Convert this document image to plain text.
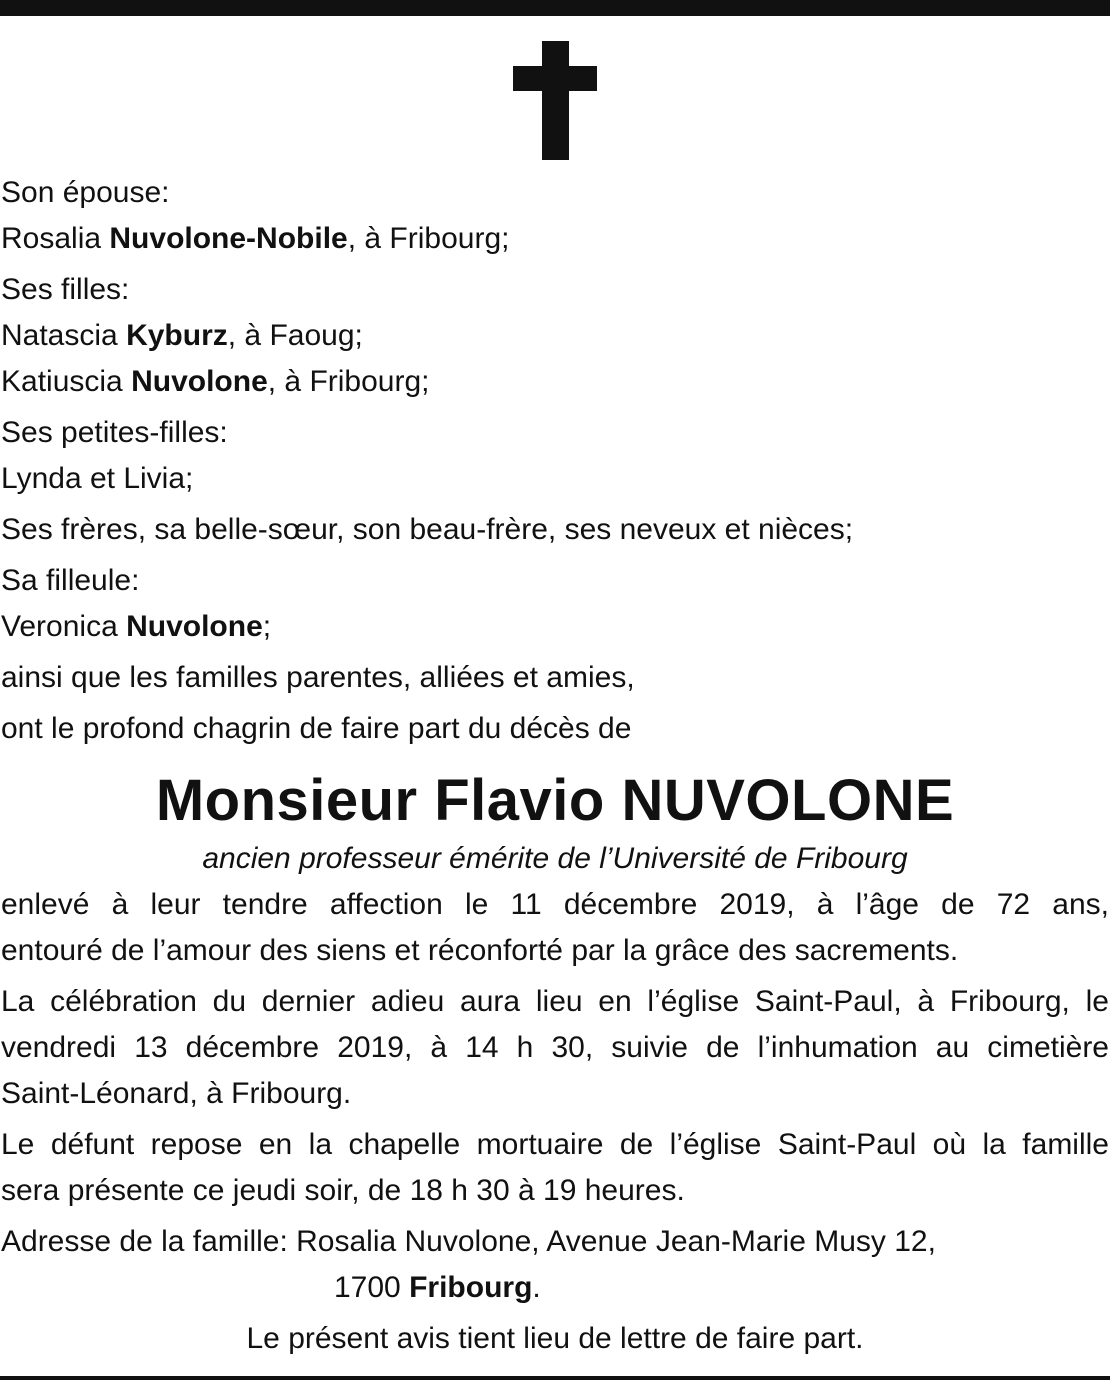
Son épouse:
Rosalia Nuvolone-Nobile, à Fribourg;
Ses filles:
Natascia Kyburz, à Faoug;
Katiuscia Nuvolone, à Fribourg;
Ses petites-filles:
Lynda et Livia;
Ses frères, sa belle-sœur, son beau-frère, ses neveux et nièces;
Sa filleule:
Veronica Nuvolone;
ainsi que les familles parentes, alliées et amies,
ont le profond chagrin de faire part du décès de
Monsieur Flavio NUVOLONE
ancien professeur émérite de l’Université de Fribourg
enlevé à leur tendre affection le 11 décembre 2019, à l’âge de 72 ans,
entouré de l’amour des siens et réconforté par la grâce des sacrements.
La célébration du dernier adieu aura lieu en l’église Saint-Paul, à Fribourg, le
vendredi 13 décembre 2019, à 14 h 30, suivie de l’inhumation au cimetière
Saint-Léonard, à Fribourg.
Le défunt repose en la chapelle mortuaire de l’église Saint-Paul où la famille
sera présente ce jeudi soir, de 18 h 30 à 19 heures.
Adresse de la famille: Rosalia Nuvolone, Avenue Jean-Marie Musy 12,
1700 Fribourg.
Le présent avis tient lieu de lettre de faire part.
